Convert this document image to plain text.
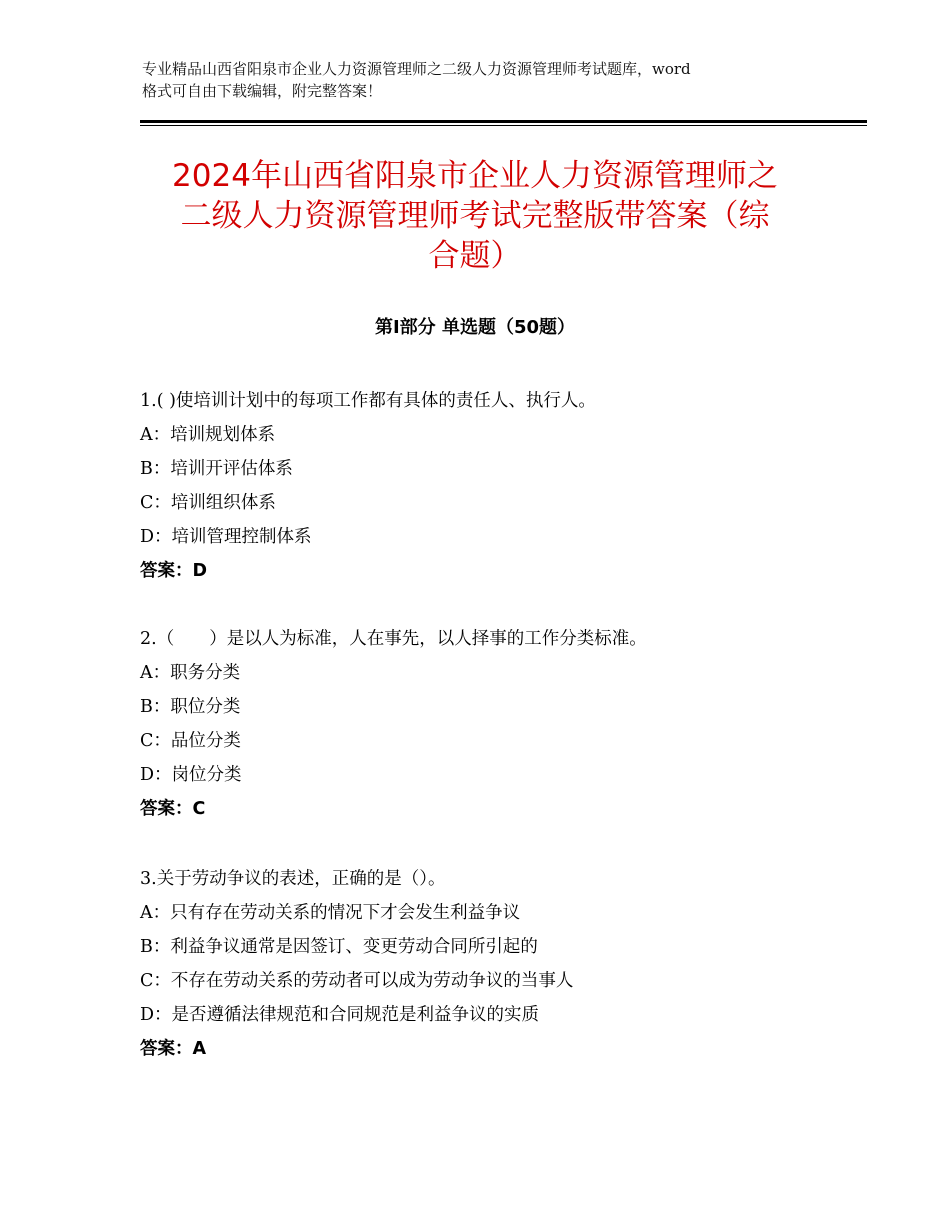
专业精品山西省阳泉市企业人力资源管理师之二级人力资源管理师考试题库，word
格式可自由下载编辑，附完整答案！
2024年山西省阳泉市企业人力资源管理师之
二级人力资源管理师考试完整版带答案（综
合题）
第Ⅰ部分 单选题（50题）
1.( )使培训计划中的每项工作都有具体的责任人、执行人。
A：培训规划体系
B：培训开评估体系
C：培训组织体系
D：培训管理控制体系
答案：D
2.（　　）是以人为标准，人在事先，以人择事的工作分类标准。
A：职务分类
B：职位分类
C：品位分类
D：岗位分类
答案：C
3.关于劳动争议的表述，正确的是（）。
A：只有存在劳动关系的情况下才会发生利益争议
B：利益争议通常是因签订、变更劳动合同所引起的
C：不存在劳动关系的劳动者可以成为劳动争议的当事人
D：是否遵循法律规范和合同规范是利益争议的实质
答案：A
